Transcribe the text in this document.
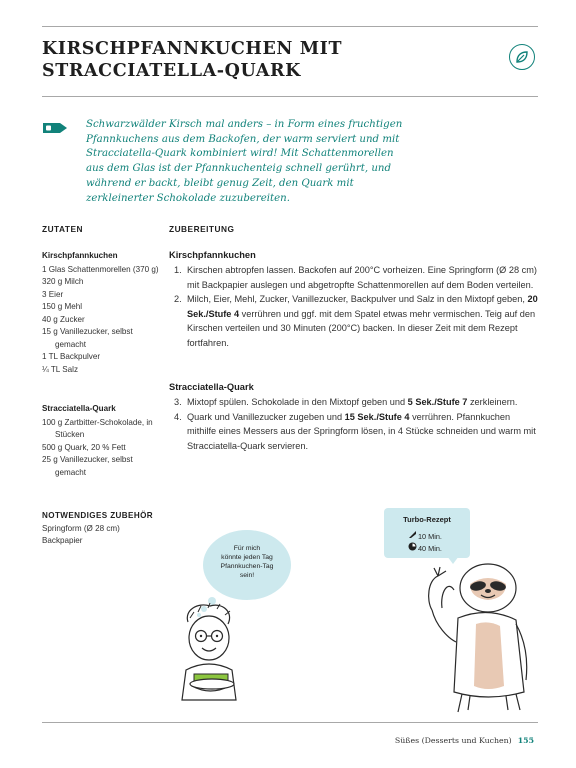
KIRSCHPFANNKUCHEN MIT
STRACCIATELLA-QUARK

Schwarzwälder Kirsch mal anders – in Form eines fruchtigen Pfannkuchens aus dem Backofen, der warm serviert und mit Stracciatella-Quark kombiniert wird! Mit Schattenmorellen aus dem Glas ist der Pfannkuchenteig schnell gerührt, und während er backt, bleibt genug Zeit, den Quark mit zerkleinerter Schokolade zuzubereiten.

ZUTATEN	ZUBEREITUNG
Kirschpfannkuchen
1 Glas Schattenmorellen (370 g)
320 g Milch
3 Eier
150 g Mehl
40 g Zucker
15 g Vanillezucker, selbst gemacht
1 TL Backpulver
¼ TL Salz
Stracciatella-Quark
100 g Zartbitter-Schokolade, in Stücken
500 g Quark, 20 % Fett
25 g Vanillezucker, selbst gemacht
Kirschpfannkuchen
1. Kirschen abtropfen lassen. Backofen auf 200°C vorheizen. Eine Springform (Ø 28 cm) mit Backpapier auslegen und abgetropfte Schattenmorellen auf dem Boden verteilen.
2. Milch, Eier, Mehl, Zucker, Vanillezucker, Backpulver und Salz in den Mixtopf geben, 20 Sek./Stufe 4 verrühren und ggf. mit dem Spatel etwas mehr vermischen. Teig auf den Kirschen verteilen und 30 Minuten (200°C) backen. In dieser Zeit mit dem Rezept fortfahren.
Stracciatella-Quark
3. Mixtopf spülen. Schokolade in den Mixtopf geben und 5 Sek./Stufe 7 zerkleinern.
4. Quark und Vanillezucker zugeben und 15 Sek./Stufe 4 verrühren. Pfannkuchen mithilfe eines Messers aus der Springform lösen, in 4 Stücke schneiden und warm mit Stracciatella-Quark servieren.
NOTWENDIGES ZUBEHÖR
Springform (Ø 28 cm)
Backpapier
Für mich
könnte jeden Tag
Pfannkuchen-Tag
sein!
Turbo-Rezept
10 Min.
40 Min.
Süßes (Desserts und Kuchen) 155
